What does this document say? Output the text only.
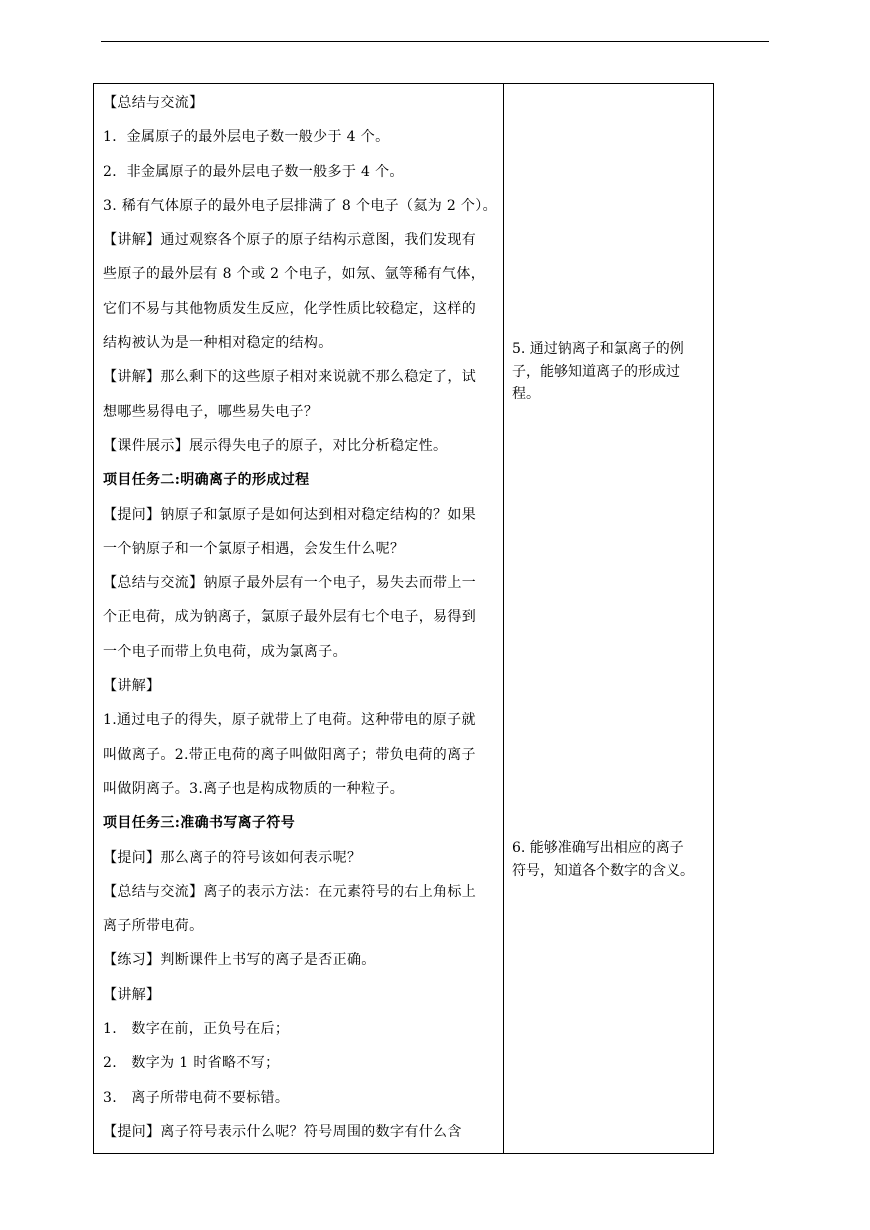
【总结与交流】
1．金属原子的最外层电子数一般少于 4 个。
2．非金属原子的最外层电子数一般多于 4 个。
3. 稀有气体原子的最外电子层排满了 8 个电子（氦为 2 个）。
【讲解】通过观察各个原子的原子结构示意图，我们发现有
些原子的最外层有 8 个或 2 个电子，如氖、氩等稀有气体，
它们不易与其他物质发生反应，化学性质比较稳定，这样的
结构被认为是一种相对稳定的结构。
【讲解】那么剩下的这些原子相对来说就不那么稳定了，试
想哪些易得电子，哪些易失电子？
【课件展示】展示得失电子的原子，对比分析稳定性。
项目任务二:明确离子的形成过程
【提问】钠原子和氯原子是如何达到相对稳定结构的？如果
一个钠原子和一个氯原子相遇，会发生什么呢？
【总结与交流】钠原子最外层有一个电子，易失去而带上一
个正电荷，成为钠离子，氯原子最外层有七个电子，易得到
一个电子而带上负电荷，成为氯离子。
【讲解】
1.通过电子的得失，原子就带上了电荷。这种带电的原子就
叫做离子。2.带正电荷的离子叫做阳离子；带负电荷的离子
叫做阴离子。3.离子也是构成物质的一种粒子。
项目任务三:准确书写离子符号
【提问】那么离子的符号该如何表示呢？
【总结与交流】离子的表示方法：在元素符号的右上角标上
离子所带电荷。
【练习】判断课件上书写的离子是否正确。
【讲解】
1.　数字在前，正负号在后；
2.　数字为 1 时省略不写；
3.　离子所带电荷不要标错。
【提问】离子符号表示什么呢？符号周围的数字有什么含
5. 通过钠离子和氯离子的例
子，能够知道离子的形成过
程。
6. 能够准确写出相应的离子
符号，知道各个数字的含义。
